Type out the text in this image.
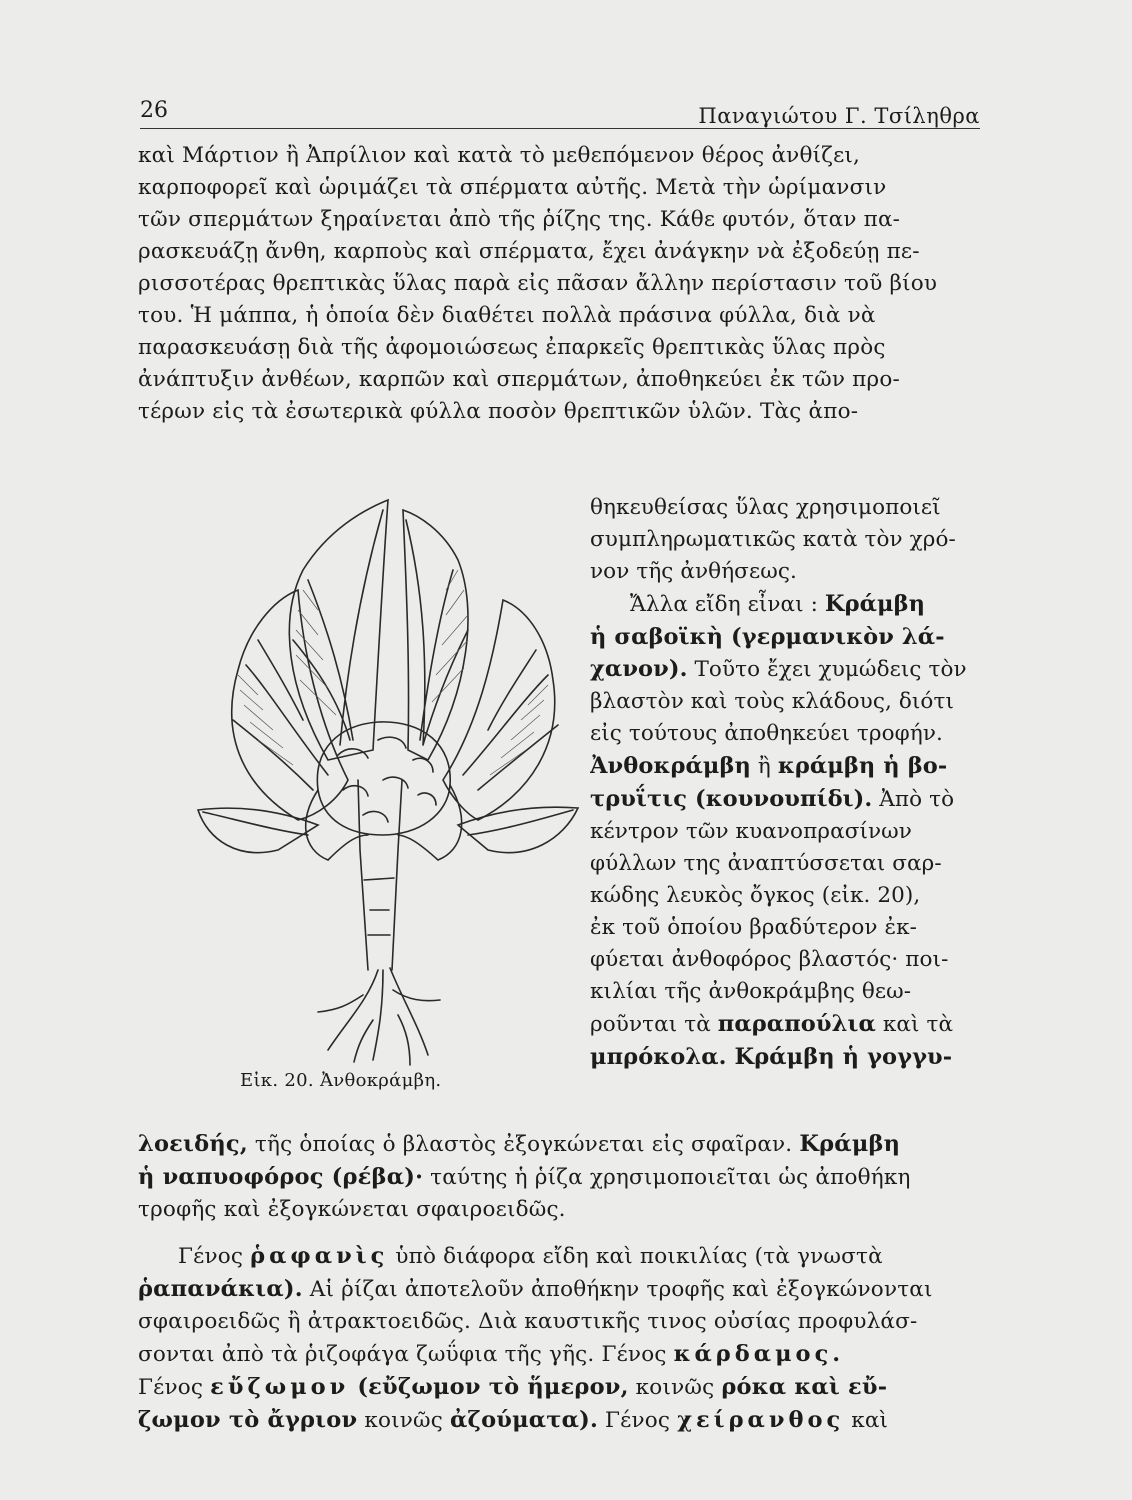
26	Παναγιώτου Γ. Τσίληθρα
καὶ Μάρτιον ἢ Ἀπρίλιον καὶ κατὰ τὸ μεθεπόμενον θέρος ἀνθίζει,
καρποφορεῖ καὶ ὡριμάζει τὰ σπέρματα αὐτῆς. Μετὰ τὴν ὡρίμανσιν
τῶν σπερμάτων ξηραίνεται ἀπὸ τῆς ῥίζης της. Κάθε φυτόν, ὅταν πα-
ρασκευάζῃ ἄνθη, καρποὺς καὶ σπέρματα, ἔχει ἀνάγκην νὰ ἐξοδεύῃ πε-
ρισσοτέρας θρεπτικὰς ὕλας παρὰ εἰς πᾶσαν ἄλλην περίστασιν τοῦ βίου
του. Ἡ μάππα, ἡ ὁποία δὲν διαθέτει πολλὰ πράσινα φύλλα, διὰ νὰ
παρασκευάσῃ διὰ τῆς ἀφομοιώσεως ἐπαρκεῖς θρεπτικὰς ὕλας πρὸς
ἀνάπτυξιν ἀνθέων, καρπῶν καὶ σπερμάτων, ἀποθηκεύει ἐκ τῶν προ-
τέρων εἰς τὰ ἐσωτερικὰ φύλλα ποσὸν θρεπτικῶν ὑλῶν. Τὰς ἀπο-
Εἰκ. 20. Ἀνθοκράμβη.
θηκευθείσας ὕλας χρησιμοποιεῖ
συμπληρωματικῶς κατὰ τὸν χρό-
νον τῆς ἀνθήσεως.
Ἄλλα εἴδη εἶναι : Κράμβη
ἡ σαβοϊκὴ (γερμανικὸν λά-
χανον). Τοῦτο ἔχει χυμώδεις τὸν
βλαστὸν καὶ τοὺς κλάδους, διότι
εἰς τούτους ἀποθηκεύει τροφήν.
Ἀνθοκράμβη ἢ κράμβη ἡ βο-
τρυΐτις (κουνουπίδι). Ἀπὸ τὸ
κέντρον τῶν κυανοπρασίνων
φύλλων της ἀναπτύσσεται σαρ-
κώδης λευκὸς ὄγκος (εἰκ. 20),
ἐκ τοῦ ὁποίου βραδύτερον ἐκ-
φύεται ἀνθοφόρος βλαστός· ποι-
κιλίαι τῆς ἀνθοκράμβης θεω-
ροῦνται τὰ παραπούλια καὶ τὰ
μπρόκολα. Κράμβη ἡ γογγυ-
λοειδής, τῆς ὁποίας ὁ βλαστὸς ἐξογκώνεται εἰς σφαῖραν. Κράμβη
ἡ ναπυοφόρος (ρέβα)· ταύτης ἡ ῥίζα χρησιμοποιεῖται ὡς ἀποθήκη
τροφῆς καὶ ἐξογκώνεται σφαιροειδῶς.
Γένος ῥαφανὶς ὑπὸ διάφορα εἴδη καὶ ποικιλίας (τὰ γνωστὰ
ῥαπανάκια). Αἱ ῥίζαι ἀποτελοῦν ἀποθήκην τροφῆς καὶ ἐξογκώνονται
σφαιροειδῶς ἢ ἀτρακτοειδῶς. Διὰ καυστικῆς τινος οὐσίας προφυλάσ-
σονται ἀπὸ τὰ ῥιζοφάγα ζωΰφια τῆς γῆς. Γένος κάρδαμος.
Γένος εὔζωμον (εὔζωμον τὸ ἥμερον, κοινῶς ρόκα καὶ εὔ-
ζωμον τὸ ἄγριον κοινῶς ἀζούματα). Γένος χείρανθος καὶ
